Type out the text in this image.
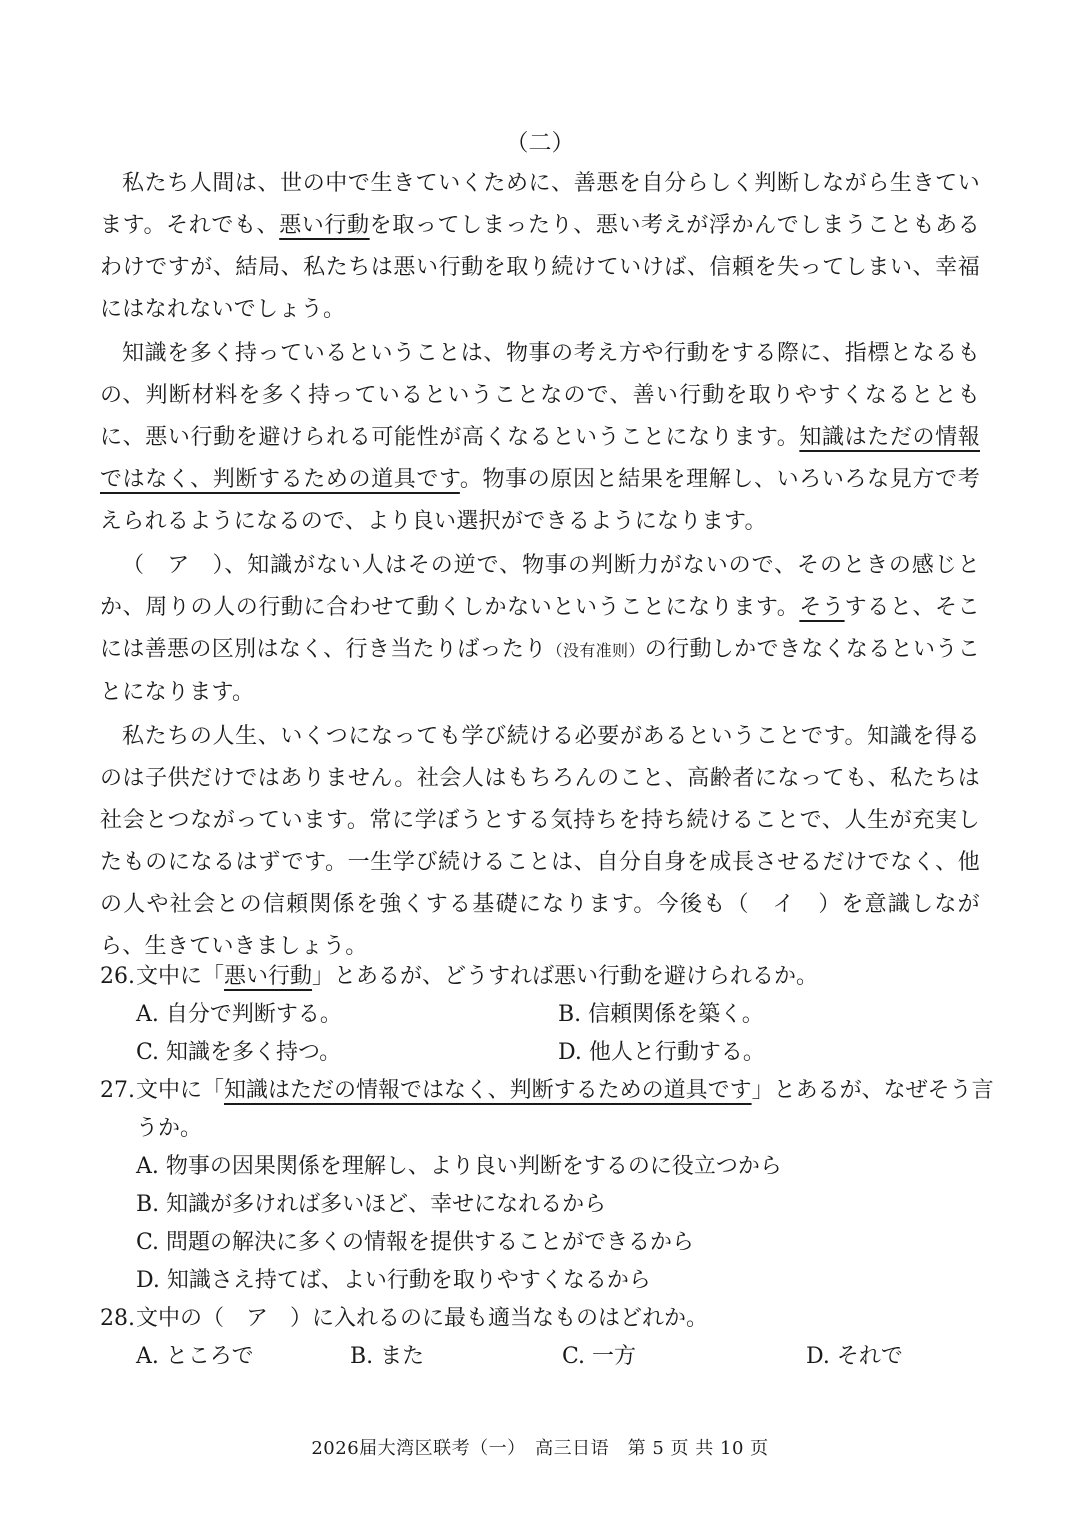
（二）

私たち人間は、世の中で生きていくために、善悪を自分らしく判断しながら生きています。それでも、悪い行動を取ってしまったり、悪い考えが浮かんでしまうこともあるわけですが、結局、私たちは悪い行動を取り続けていけば、信頼を失ってしまい、幸福にはなれないでしょう。

知識を多く持っているということは、物事の考え方や行動をする際に、指標となるもの、判断材料を多く持っているということなので、善い行動を取りやすくなるとともに、悪い行動を避けられる可能性が高くなるということになります。知識はただの情報ではなく、判断するための道具です。物事の原因と結果を理解し、いろいろな見方で考えられるようになるので、より良い選択ができるようになります。

（　ア　）、知識がない人はその逆で、物事の判断力がないので、そのときの感じとか、周りの人の行動に合わせて動くしかないということになります。そうすると、そこには善悪の区別はなく、行き当たりばったり（没有准则）の行動しかできなくなるということになります。

私たちの人生、いくつになっても学び続ける必要があるということです。知識を得るのは子供だけではありません。社会人はもちろんのこと、高齢者になっても、私たちは社会とつながっています。常に学ぼうとする気持ちを持ち続けることで、人生が充実したものになるはずです。一生学び続けることは、自分自身を成長させるだけでなく、他の人や社会との信頼関係を強くする基礎になります。今後も（　イ　）を意識しながら、生きていきましょう。

26.文中に「悪い行動」とあるが、どうすれば悪い行動を避けられるか。
A. 自分で判断する。	B. 信頼関係を築く。
C. 知識を多く持つ。	D. 他人と行動する。
27.文中に「知識はただの情報ではなく、判断するための道具です」とあるが、なぜそう言うか。
A. 物事の因果関係を理解し、より良い判断をするのに役立つから
B. 知識が多ければ多いほど、幸せになれるから
C. 問題の解決に多くの情報を提供することができるから
D. 知識さえ持てば、よい行動を取りやすくなるから
28.文中の（　ア　）に入れるのに最も適当なものはどれか。
A. ところで	B. また	C. 一方	D. それで
2026届大湾区联考（一）　高三日语　第 5 页 共 10 页
